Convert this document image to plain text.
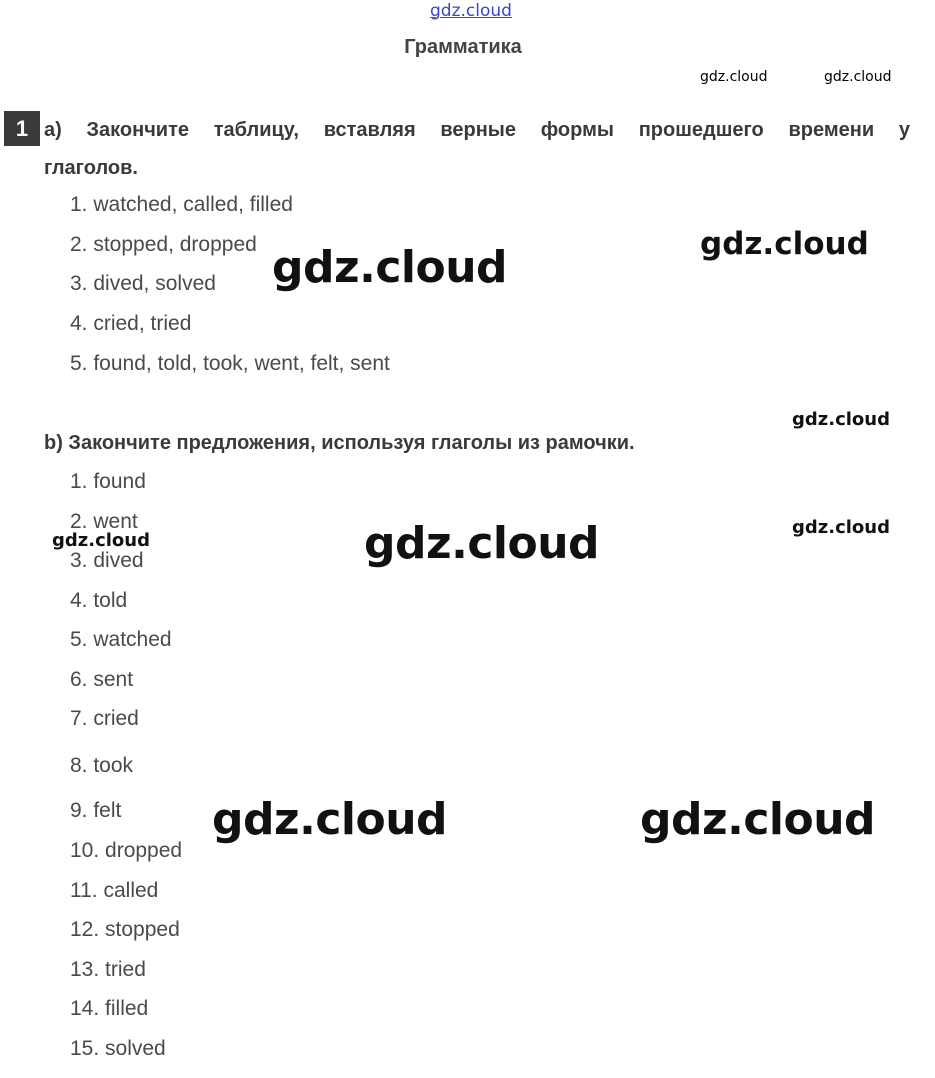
gdz.cloud
Грамматика
gdz.cloud	gdz.cloud
gdz.cloud
gdz.cloud
gdz.cloud
gdz.cloud
gdz.cloud	gdz.cloud
gdz.cloud	gdz.cloud
1 a) Закончите таблицу, вставляя верные формы прошедшего времени у
глаголов.
1. watched, called, filled
2. stopped, dropped
3. dived, solved
4. cried, tried
5. found, told, took, went, felt, sent
b) Закончите предложения, используя глаголы из рамочки.
1. found
2. went
3. dived
4. told
5. watched
6. sent
7. cried
8. took
9. felt
10. dropped
11. called
12. stopped
13. tried
14. filled
15. solved
